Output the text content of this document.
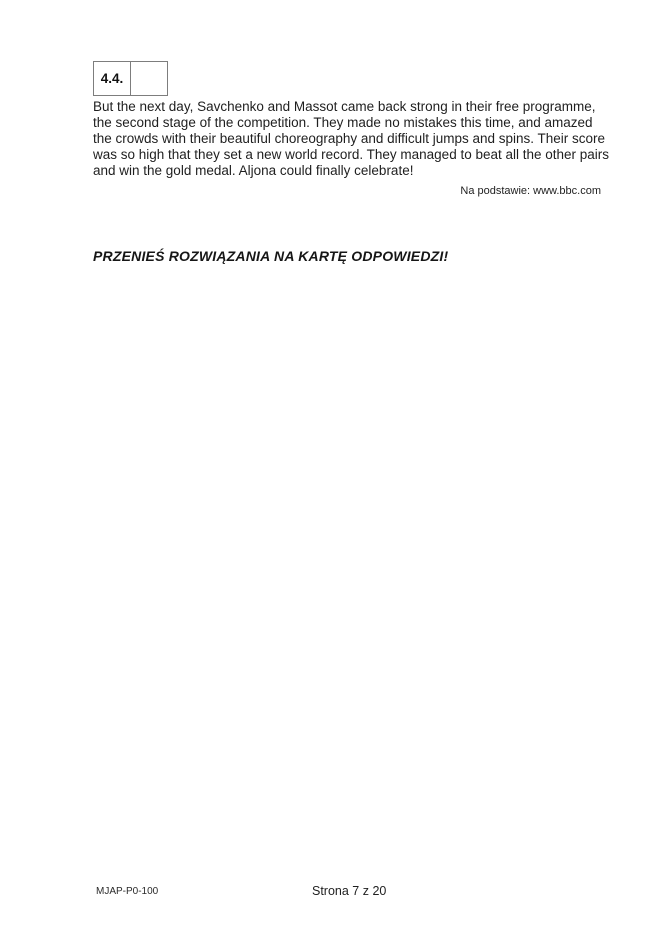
4.4.
But the next day, Savchenko and Massot came back strong in their free programme,
the second stage of the competition. They made no mistakes this time, and amazed
the crowds with their beautiful choreography and difficult jumps and spins. Their score
was so high that they set a new world record. They managed to beat all the other pairs
and win the gold medal. Aljona could finally celebrate!
Na podstawie: www.bbc.com
PRZENIEŚ ROZWIĄZANIA NA KARTĘ ODPOWIEDZI!
MJAP-P0-100	Strona 7 z 20
